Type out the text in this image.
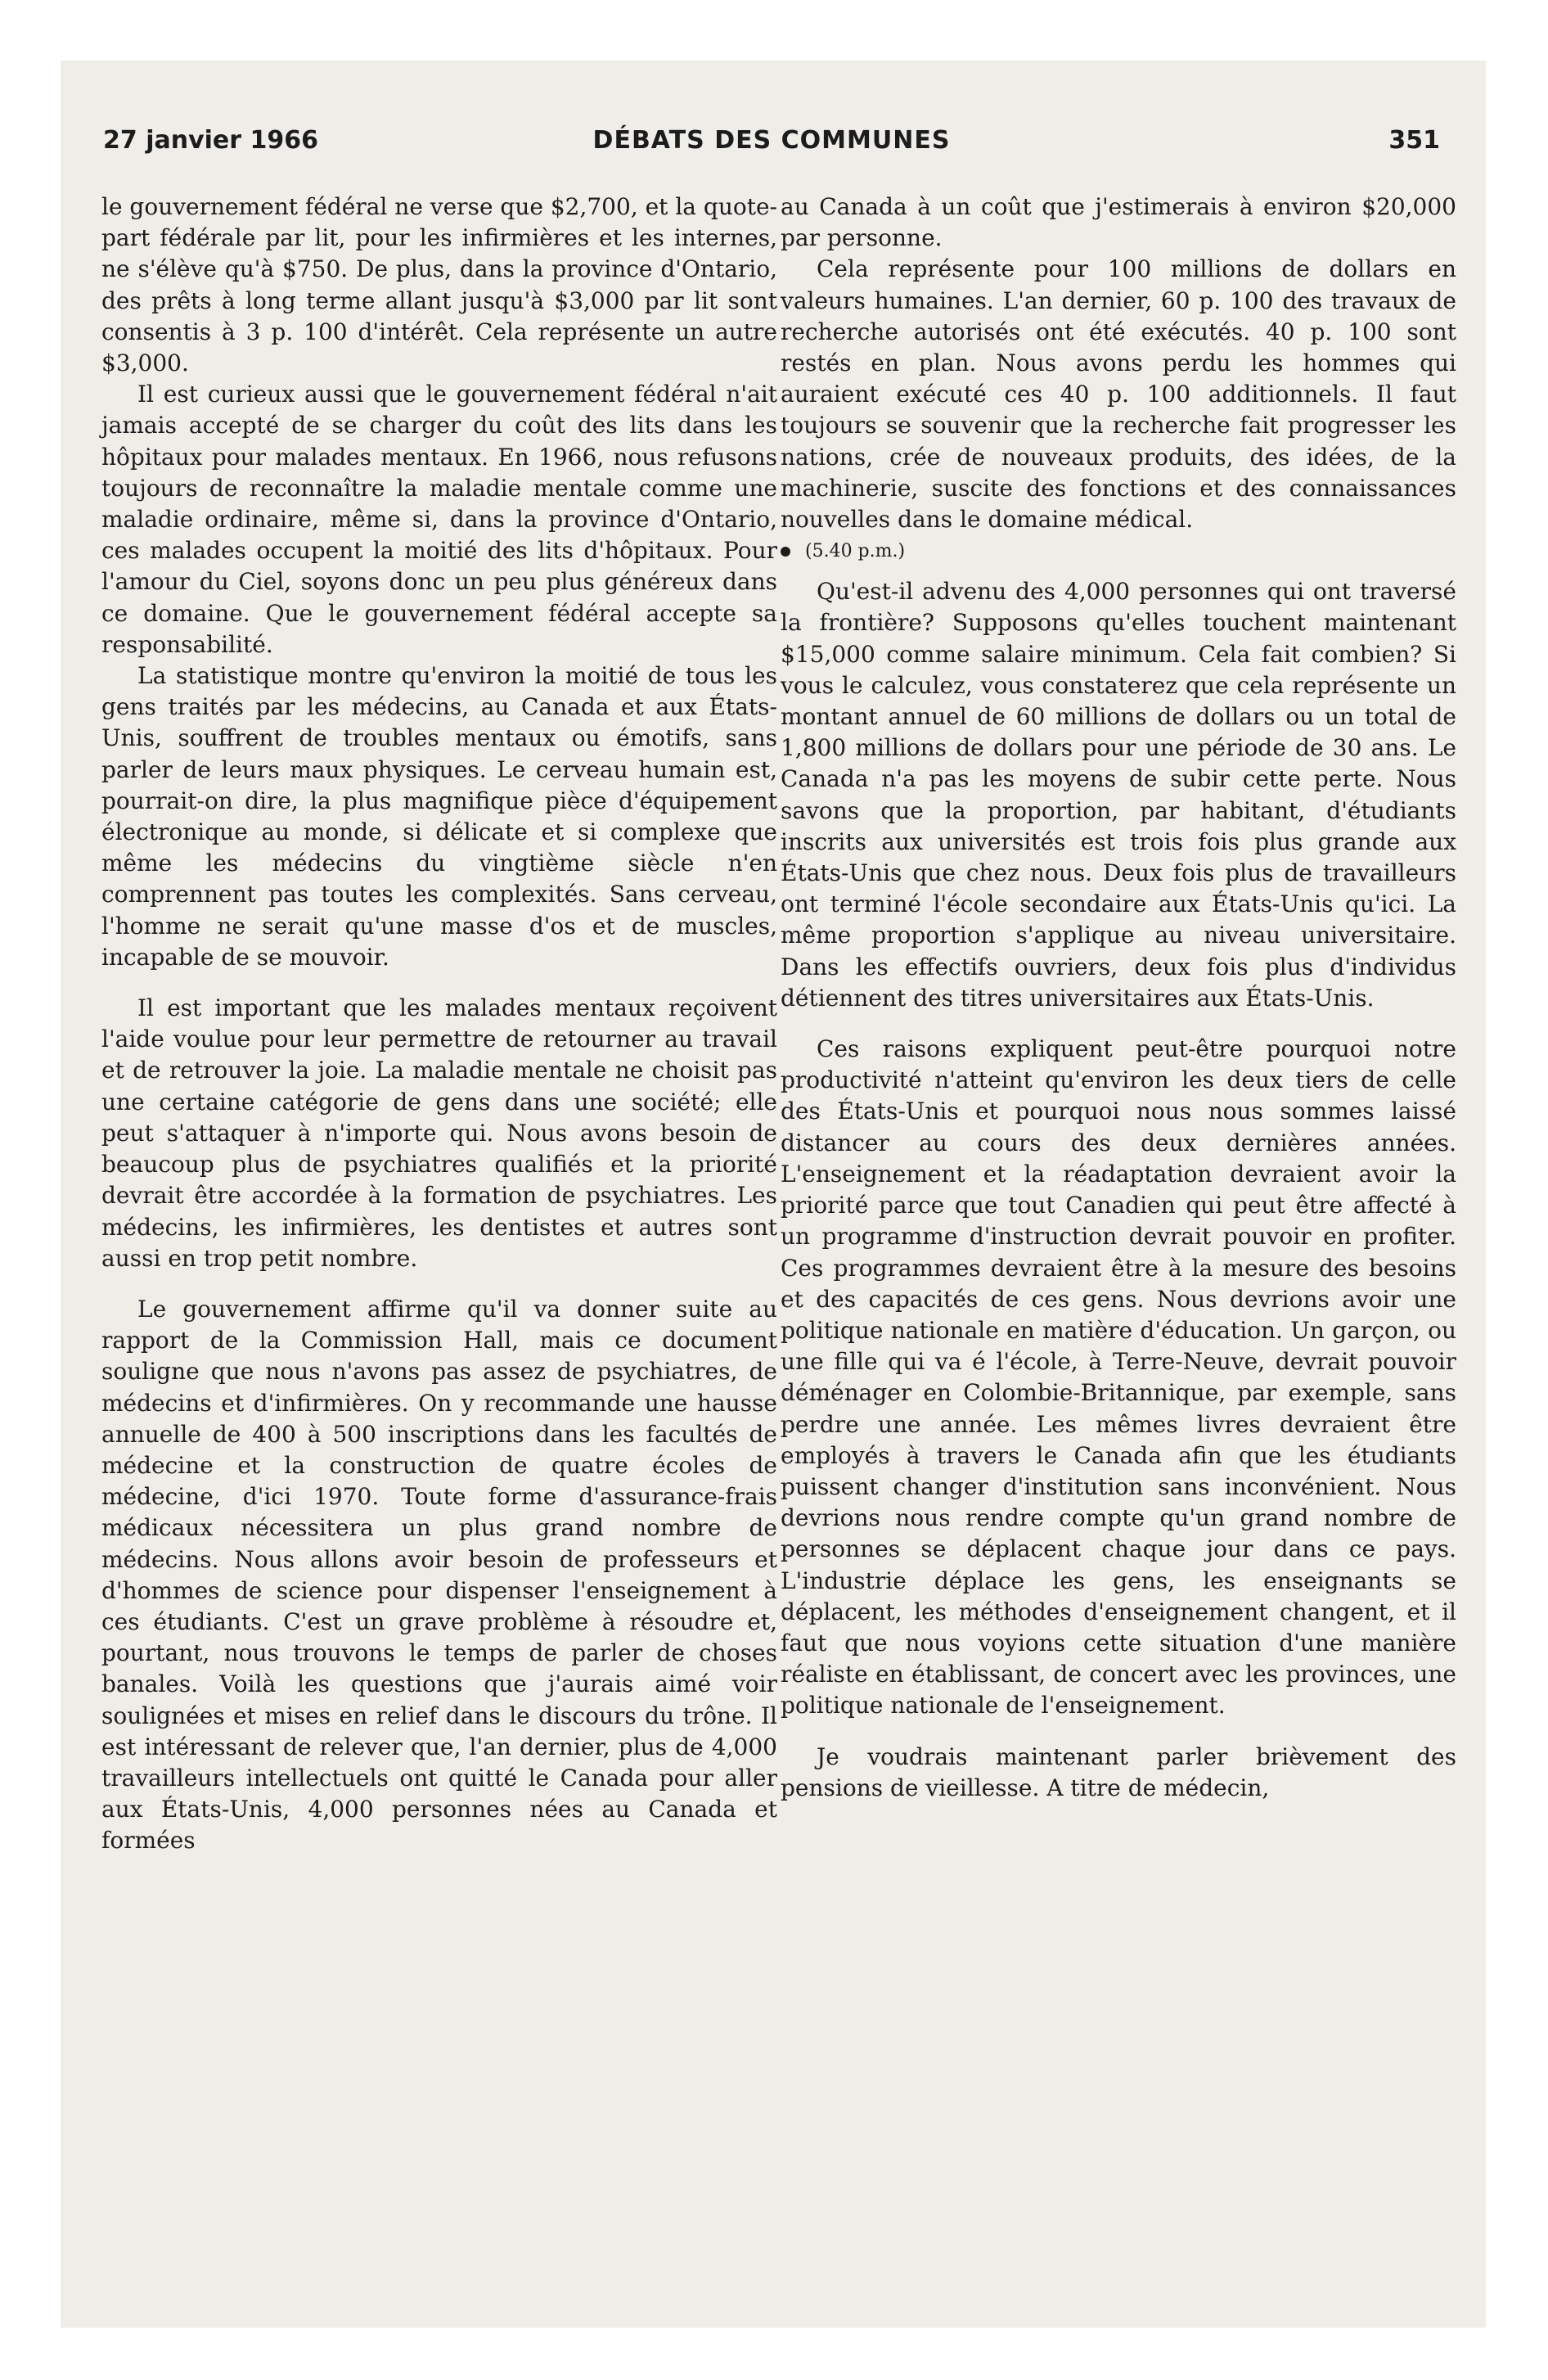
27 janvier 1966	DÉBATS DES COMMUNES	351

le gouvernement fédéral ne verse que $2,700, et la quote-part fédérale par lit, pour les infirmières et les internes, ne s'élève qu'à $750. De plus, dans la province d'Ontario, des prêts à long terme allant jusqu'à $3,000 par lit sont consentis à 3 p. 100 d'intérêt. Cela représente un autre $3,000.

Il est curieux aussi que le gouvernement fédéral n'ait jamais accepté de se charger du coût des lits dans les hôpitaux pour malades mentaux. En 1966, nous refusons toujours de reconnaître la maladie mentale comme une maladie ordinaire, même si, dans la province d'Ontario, ces malades occupent la moitié des lits d'hôpitaux. Pour l'amour du Ciel, soyons donc un peu plus généreux dans ce domaine. Que le gouvernement fédéral accepte sa responsabilité.

La statistique montre qu'environ la moitié de tous les gens traités par les médecins, au Canada et aux États-Unis, souffrent de troubles mentaux ou émotifs, sans parler de leurs maux physiques. Le cerveau humain est, pourrait-on dire, la plus magnifique pièce d'équipement électronique au monde, si délicate et si complexe que même les médecins du vingtième siècle n'en comprennent pas toutes les complexités. Sans cerveau, l'homme ne serait qu'une masse d'os et de muscles, incapable de se mouvoir.

Il est important que les malades mentaux reçoivent l'aide voulue pour leur permettre de retourner au travail et de retrouver la joie. La maladie mentale ne choisit pas une certaine catégorie de gens dans une société; elle peut s'attaquer à n'importe qui. Nous avons besoin de beaucoup plus de psychiatres qualifiés et la priorité devrait être accordée à la formation de psychiatres. Les médecins, les infirmières, les dentistes et autres sont aussi en trop petit nombre.

Le gouvernement affirme qu'il va donner suite au rapport de la Commission Hall, mais ce document souligne que nous n'avons pas assez de psychiatres, de médecins et d'infirmières. On y recommande une hausse annuelle de 400 à 500 inscriptions dans les facultés de médecine et la construction de quatre écoles de médecine, d'ici 1970. Toute forme d'assurance-frais médicaux nécessitera un plus grand nombre de médecins. Nous allons avoir besoin de professeurs et d'hommes de science pour dispenser l'enseignement à ces étudiants. C'est un grave problème à résoudre et, pourtant, nous trouvons le temps de parler de choses banales. Voilà les questions que j'aurais aimé voir soulignées et mises en relief dans le discours du trône. Il est intéressant de relever que, l'an dernier, plus de 4,000 travailleurs intellectuels ont quitté le Canada pour aller aux États-Unis, 4,000 personnes nées au Canada et formées

au Canada à un coût que j'estimerais à environ $20,000 par personne.

Cela représente pour 100 millions de dollars en valeurs humaines. L'an dernier, 60 p. 100 des travaux de recherche autorisés ont été exécutés. 40 p. 100 sont restés en plan. Nous avons perdu les hommes qui auraient exécuté ces 40 p. 100 additionnels. Il faut toujours se souvenir que la recherche fait progresser les nations, crée de nouveaux produits, des idées, de la machinerie, suscite des fonctions et des connaissances nouvelles dans le domaine médical.

(5.40 p.m.)

Qu'est-il advenu des 4,000 personnes qui ont traversé la frontière? Supposons qu'elles touchent maintenant $15,000 comme salaire minimum. Cela fait combien? Si vous le calculez, vous constaterez que cela représente un montant annuel de 60 millions de dollars ou un total de 1,800 millions de dollars pour une période de 30 ans. Le Canada n'a pas les moyens de subir cette perte. Nous savons que la proportion, par habitant, d'étudiants inscrits aux universités est trois fois plus grande aux États-Unis que chez nous. Deux fois plus de travailleurs ont terminé l'école secondaire aux États-Unis qu'ici. La même proportion s'applique au niveau universitaire. Dans les effectifs ouvriers, deux fois plus d'individus détiennent des titres universitaires aux États-Unis.

Ces raisons expliquent peut-être pourquoi notre productivité n'atteint qu'environ les deux tiers de celle des États-Unis et pourquoi nous nous sommes laissé distancer au cours des deux dernières années. L'enseignement et la réadaptation devraient avoir la priorité parce que tout Canadien qui peut être affecté à un programme d'instruction devrait pouvoir en profiter. Ces programmes devraient être à la mesure des besoins et des capacités de ces gens. Nous devrions avoir une politique nationale en matière d'éducation. Un garçon, ou une fille qui va é l'école, à Terre-Neuve, devrait pouvoir déménager en Colombie-Britannique, par exemple, sans perdre une année. Les mêmes livres devraient être employés à travers le Canada afin que les étudiants puissent changer d'institution sans inconvénient. Nous devrions nous rendre compte qu'un grand nombre de personnes se déplacent chaque jour dans ce pays. L'industrie déplace les gens, les enseignants se déplacent, les méthodes d'enseignement changent, et il faut que nous voyions cette situation d'une manière réaliste en établissant, de concert avec les provinces, une politique nationale de l'enseignement.

Je voudrais maintenant parler brièvement des pensions de vieillesse. A titre de médecin,
